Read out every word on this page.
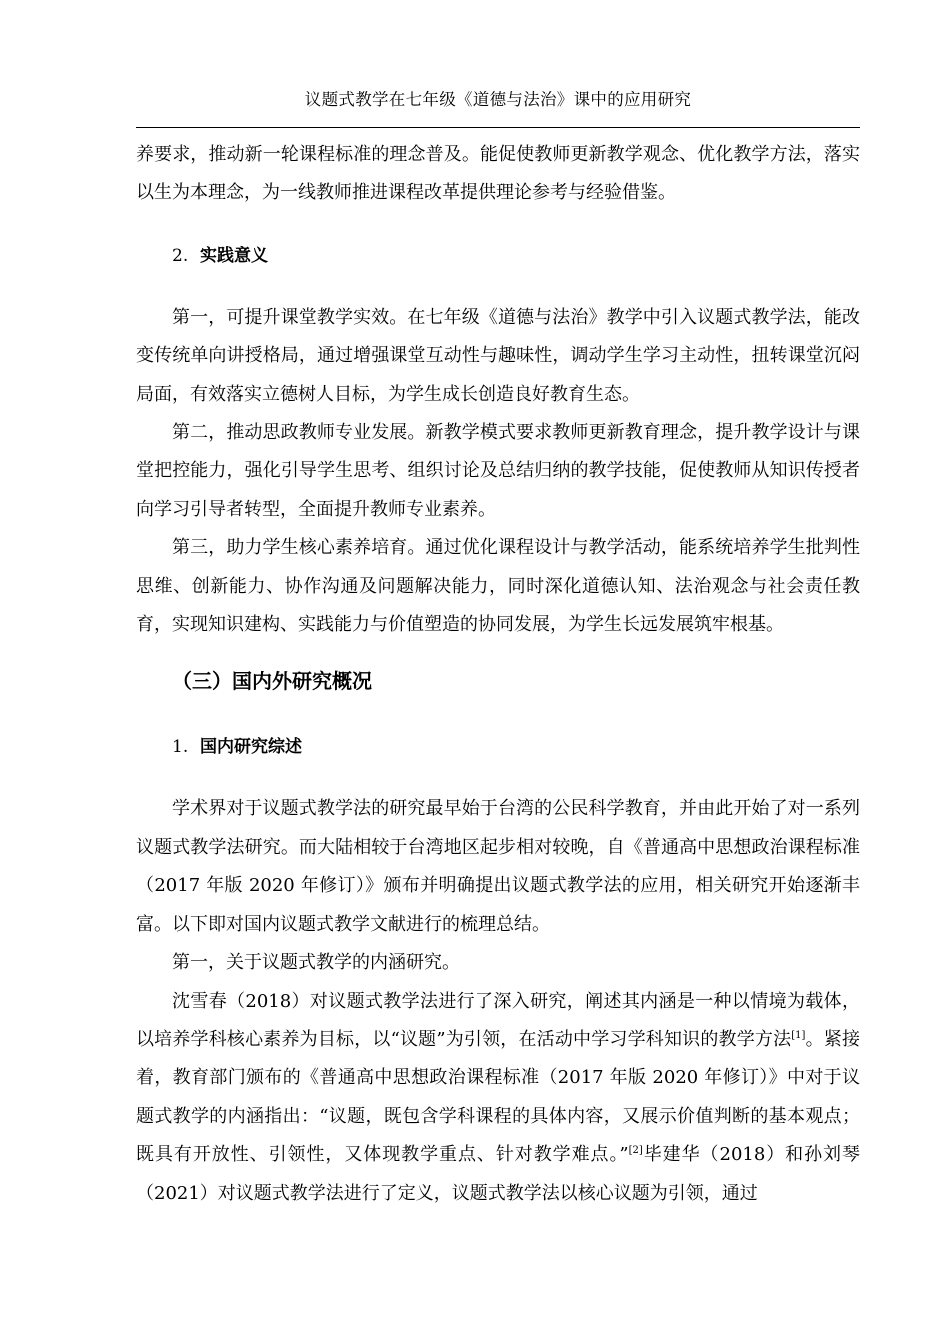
议题式教学在七年级《道德与法治》课中的应用研究

养要求，推动新一轮课程标准的理念普及。能促使教师更新教学观念、优化教学方法，落实以生为本理念，为一线教师推进课程改革提供理论参考与经验借鉴。

2. 实践意义

第一，可提升课堂教学实效。在七年级《道德与法治》教学中引入议题式教学法，能改变传统单向讲授格局，通过增强课堂互动性与趣味性，调动学生学习主动性，扭转课堂沉闷局面，有效落实立德树人目标，为学生成长创造良好教育生态。

第二，推动思政教师专业发展。新教学模式要求教师更新教育理念，提升教学设计与课堂把控能力，强化引导学生思考、组织讨论及总结归纳的教学技能，促使教师从知识传授者向学习引导者转型，全面提升教师专业素养。

第三，助力学生核心素养培育。通过优化课程设计与教学活动，能系统培养学生批判性思维、创新能力、协作沟通及问题解决能力，同时深化道德认知、法治观念与社会责任教育，实现知识建构、实践能力与价值塑造的协同发展，为学生长远发展筑牢根基。

（三）国内外研究概况
1. 国内研究综述

学术界对于议题式教学法的研究最早始于台湾的公民科学教育，并由此开始了对一系列议题式教学法研究。而大陆相较于台湾地区起步相对较晚，自《普通高中思想政治课程标准（2017 年版 2020 年修订）》颁布并明确提出议题式教学法的应用，相关研究开始逐渐丰富。以下即对国内议题式教学文献进行的梳理总结。

第一，关于议题式教学的内涵研究。

沈雪春（2018）对议题式教学法进行了深入研究，阐述其内涵是一种以情境为载体，以培养学科核心素养为目标，以“议题”为引领，在活动中学习学科知识的教学方法[1]。紧接着，教育部门颁布的《普通高中思想政治课程标准（2017 年版 2020 年修订）》中对于议题式教学的内涵指出：“议题，既包含学科课程的具体内容，又展示价值判断的基本观点；既具有开放性、引领性，又体现教学重点、针对教学难点。”[2]毕建华（2018）和孙刘琴（2021）对议题式教学法进行了定义，议题式教学法以核心议题为引领，通过
